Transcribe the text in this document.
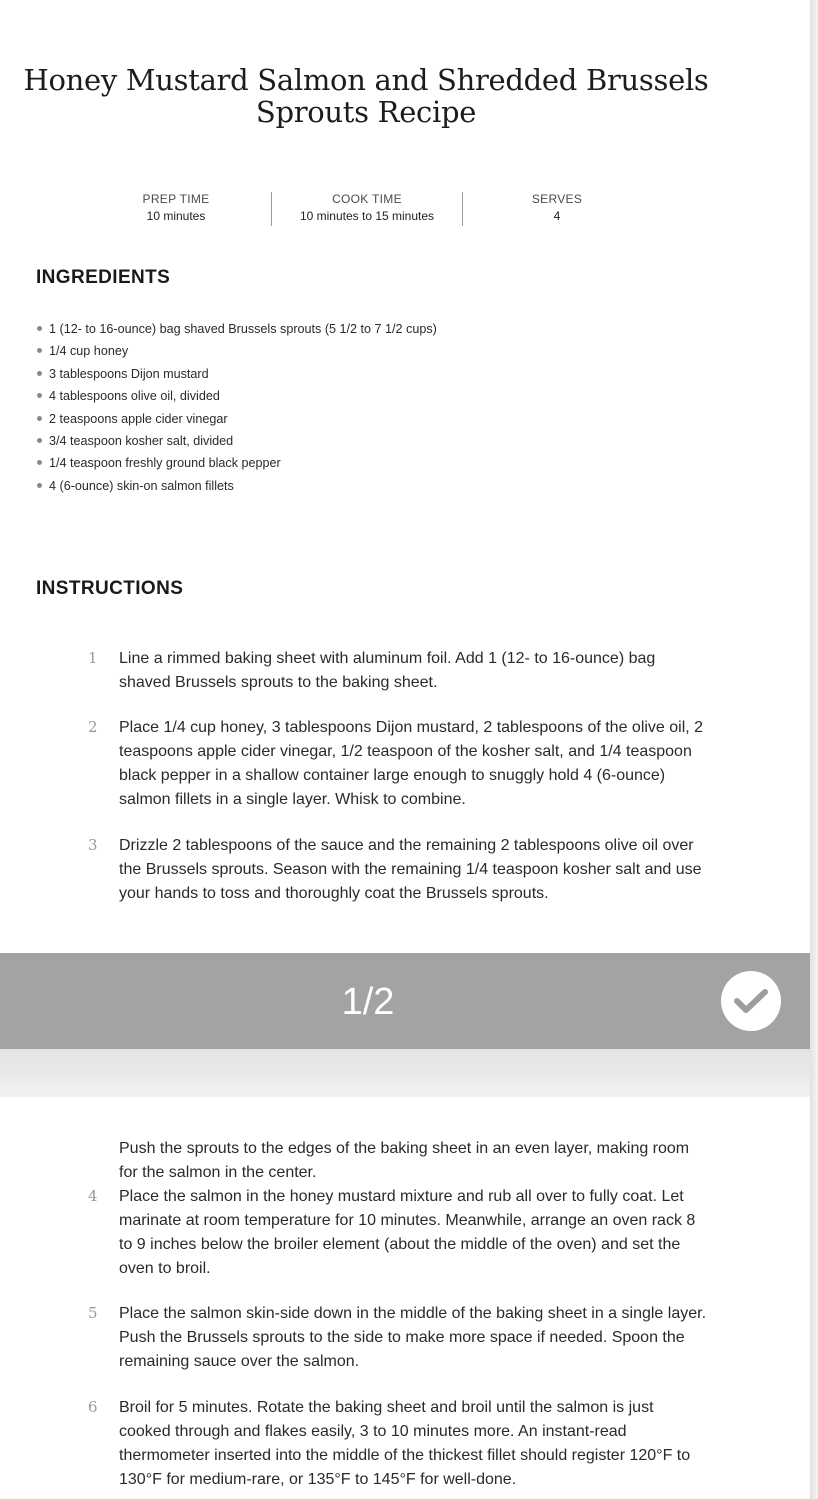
Honey Mustard Salmon and Shredded Brussels Sprouts Recipe
PREP TIME
10 minutes
COOK TIME
10 minutes to 15 minutes
SERVES
4
INGREDIENTS
1 (12- to 16-ounce) bag shaved Brussels sprouts (5 1/2 to 7 1/2 cups)
1/4 cup honey
3 tablespoons Dijon mustard
4 tablespoons olive oil, divided
2 teaspoons apple cider vinegar
3/4 teaspoon kosher salt, divided
1/4 teaspoon freshly ground black pepper
4 (6-ounce) skin-on salmon fillets
INSTRUCTIONS
1	Line a rimmed baking sheet with aluminum foil. Add 1 (12- to 16-ounce) bag shaved Brussels sprouts to the baking sheet.

2	Place 1/4 cup honey, 3 tablespoons Dijon mustard, 2 tablespoons of the olive oil, 2 teaspoons apple cider vinegar, 1/2 teaspoon of the kosher salt, and 1/4 teaspoon black pepper in a shallow container large enough to snuggly hold 4 (6-ounce) salmon fillets in a single layer. Whisk to combine.

3	Drizzle 2 tablespoons of the sauce and the remaining 2 tablespoons olive oil over the Brussels sprouts. Season with the remaining 1/4 teaspoon kosher salt and use your hands to toss and thoroughly coat the Brussels sprouts.

1/2

Push the sprouts to the edges of the baking sheet in an even layer, making room for the salmon in the center.

4	Place the salmon in the honey mustard mixture and rub all over to fully coat. Let marinate at room temperature for 10 minutes. Meanwhile, arrange an oven rack 8 to 9 inches below the broiler element (about the middle of the oven) and set the oven to broil.

5	Place the salmon skin-side down in the middle of the baking sheet in a single layer. Push the Brussels sprouts to the side to make more space if needed. Spoon the remaining sauce over the salmon.

6	Broil for 5 minutes. Rotate the baking sheet and broil until the salmon is just cooked through and flakes easily, 3 to 10 minutes more. An instant-read thermometer inserted into the middle of the thickest fillet should register 120°F to 130°F for medium-rare, or 135°F to 145°F for well-done.
